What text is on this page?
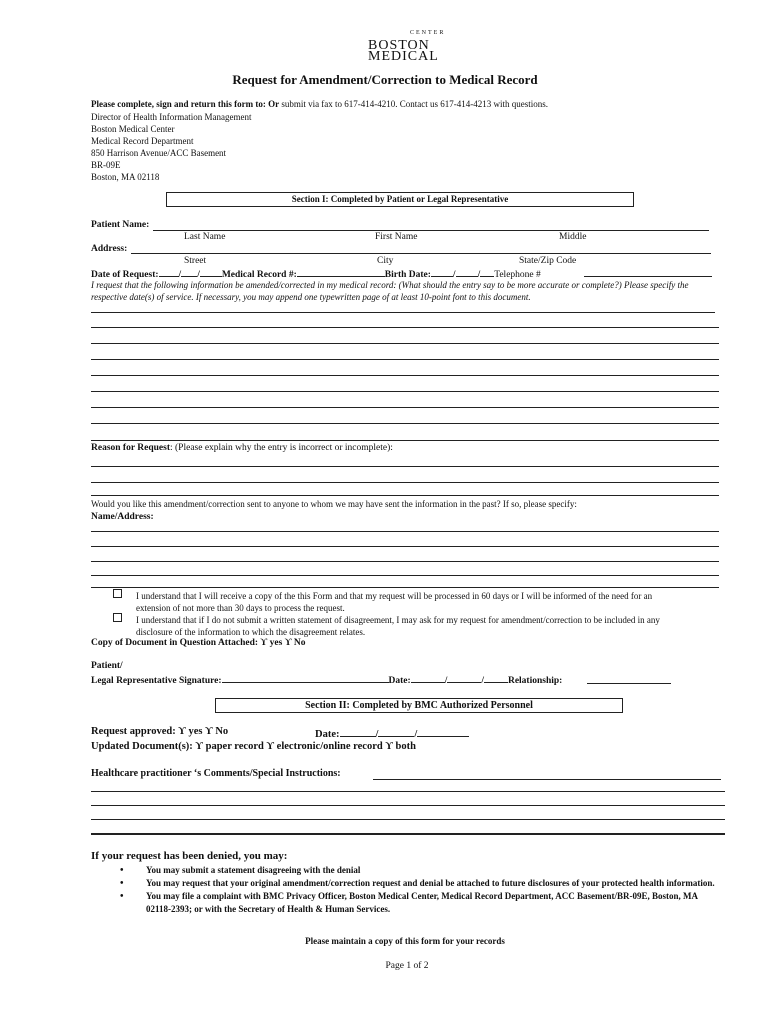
CENTER
BOSTON
MEDICAL
Request for Amendment/Correction to Medical Record
Please complete, sign and return this form to: Or submit via fax to 617-414-4210. Contact us 617-414-4213 with questions.
Director of Health Information Management
Boston Medical Center
Medical Record Department
850 Harrison Avenue/ACC Basement
BR-09E
Boston, MA 02118
Section I: Completed by Patient or Legal Representative
Patient Name:
Last Name	First Name	Middle
Address:
Street	City	State/Zip Code
Date of Request: / / Medical Record #:	Birth Date: / / Telephone #
I request that the following information be amended/corrected in my medical record: (What should the entry say to be more accurate or complete?) Please specify the respective date(s) of service. If necessary, you may append one typewritten page of at least 10-point font to this document.
Reason for Request: (Please explain why the entry is incorrect or incomplete):
Would you like this amendment/correction sent to anyone to whom we may have sent the information in the past? If so, please specify:
Name/Address:
I understand that I will receive a copy of the this Form and that my request will be processed in 60 days or I will be informed of the need for an
extension of not more than 30 days to process the request.
I understand that if I do not submit a written statement of disagreement, I may ask for my request for amendment/correction to be included in any
disclosure of the information to which the disagreement relates.
Copy of Document in Question Attached: ϒ yes ϒ No
Patient/
Legal Representative Signature:	Date:	/	/	Relationship:
Section II: Completed by BMC Authorized Personnel
Request approved: ϒ yes ϒ No	Date:	/	/
Updated Document(s): ϒ paper record ϒ electronic/online record ϒ both
Healthcare practitioner ‘s Comments/Special Instructions:
If your request has been denied, you may:
• You may submit a statement disagreeing with the denial
• You may request that your original amendment/correction request and denial be attached to future disclosures of your protected health information.
• You may file a complaint with BMC Privacy Officer, Boston Medical Center, Medical Record Department, ACC Basement/BR-09E, Boston, MA 02118-2393; or with the Secretary of Health & Human Services.
Please maintain a copy of this form for your records
Page 1 of 2
